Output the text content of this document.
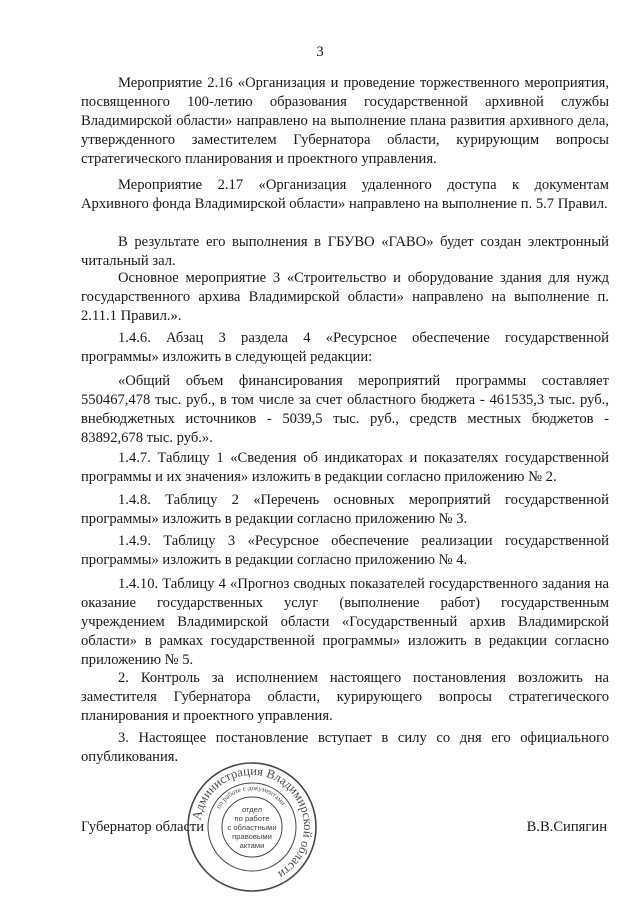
3

Мероприятие 2.16 «Организация и проведение торжественного мероприятия, посвященного 100-летию образования государственной архивной службы Владимирской области» направлено на выполнение плана развития архивного дела, утвержденного заместителем Губернатора области, курирующим вопросы стратегического планирования и проектного управления.

Мероприятие 2.17 «Организация удаленного доступа к документам Архивного фонда Владимирской области» направлено на выполнение п. 5.7 Правил.

В результате его выполнения в ГБУВО «ГАВО» будет создан электронный читальный зал.

Основное мероприятие 3 «Строительство и оборудование здания для нужд государственного архива Владимирской области» направлено на выполнение п. 2.11.1 Правил.».

1.4.6. Абзац 3 раздела 4 «Ресурсное обеспечение государственной программы» изложить в следующей редакции:

«Общий объем финансирования мероприятий программы составляет 550467,478 тыс. руб., в том числе за счет областного бюджета - 461535,3 тыс. руб., внебюджетных источников - 5039,5 тыс. руб., средств местных бюджетов - 83892,678 тыс. руб.».

1.4.7. Таблицу 1 «Сведения об индикаторах и показателях государственной программы и их значения» изложить в редакции согласно приложению № 2.

1.4.8. Таблицу 2 «Перечень основных мероприятий государственной программы» изложить в редакции согласно приложению № 3.

1.4.9. Таблицу 3 «Ресурсное обеспечение реализации государственной программы» изложить в редакции согласно приложению № 4.

1.4.10. Таблицу 4 «Прогноз сводных показателей государственного задания на оказание государственных услуг (выполнение работ) государственным учреждением Владимирской области «Государственный архив Владимирской области» в рамках государственной программы» изложить в редакции согласно приложению № 5.

2. Контроль за исполнением настоящего постановления возложить на заместителя Губернатора области, курирующего вопросы стратегического планирования и проектного управления.

3. Настоящее постановление вступает в силу со дня его официального опубликования.

Губернатор области	В.В.Сипягин
Администрация Владимирской области
по работе с документами
отдел
по работе
с областными
правовыми
актами
